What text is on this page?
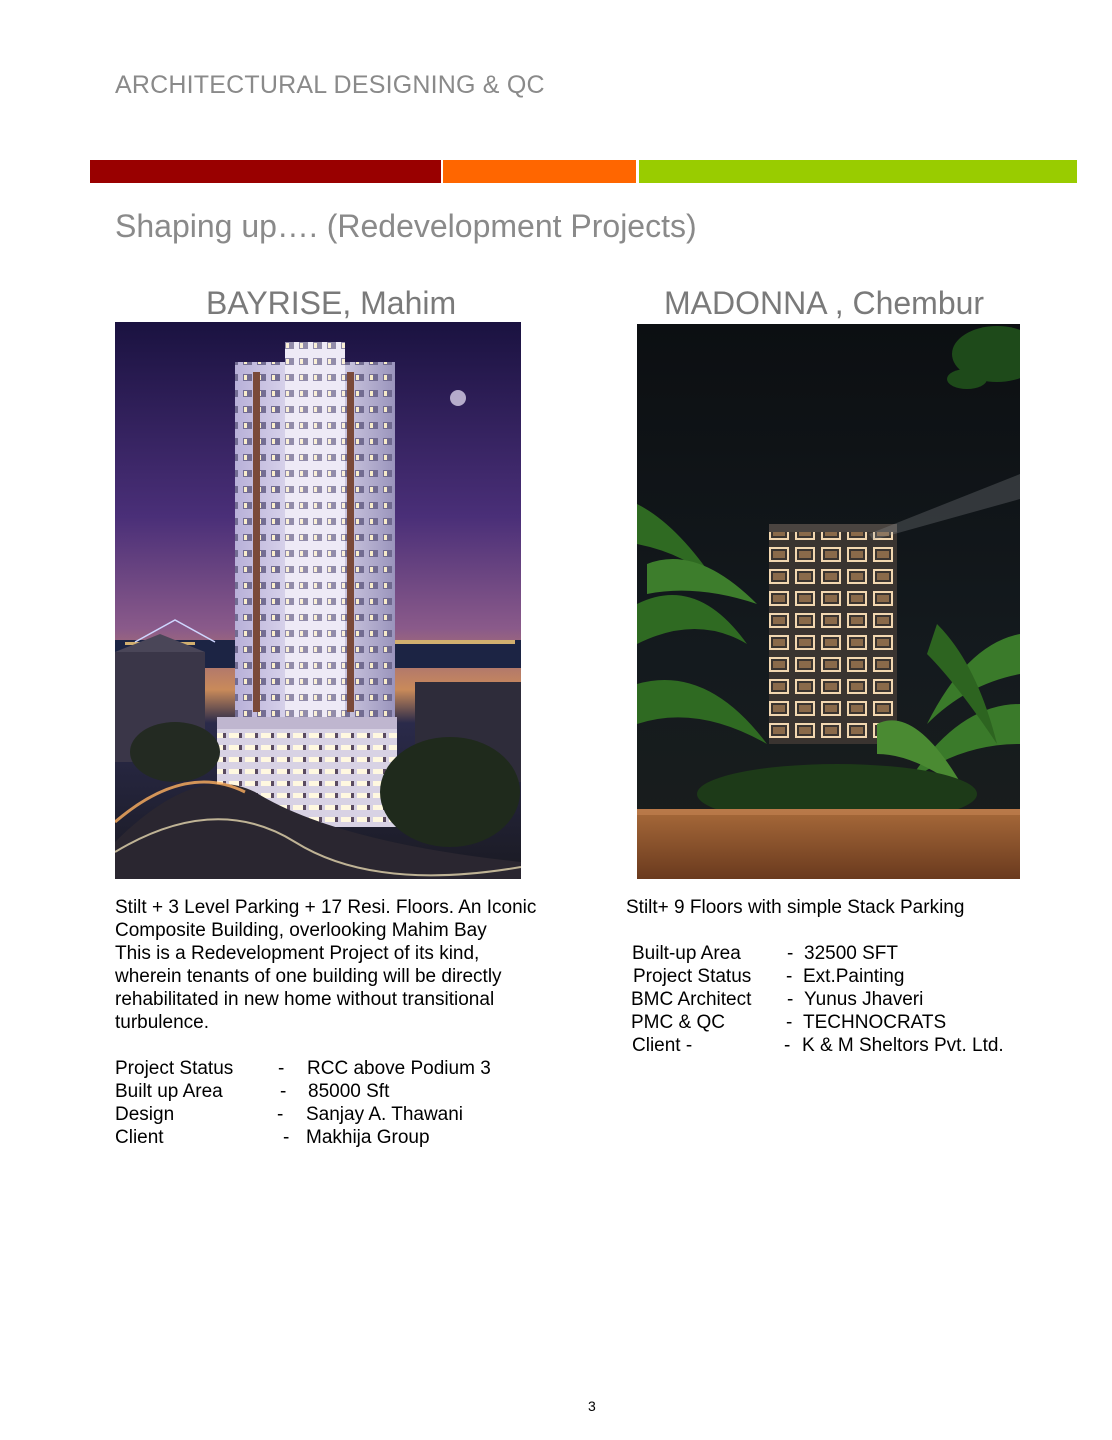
ARCHITECTURAL DESIGNING & QC
Shaping up…. (Redevelopment Projects)
BAYRISE, Mahim	MADONNA , Chembur
Stilt + 3 Level Parking + 17 Resi. Floors. An Iconic
Composite Building, overlooking Mahim Bay
This is a Redevelopment Project of its kind,
wherein tenants of one building will be directly
rehabilitated in new home without transitional
turbulence.
Project Status - RCC above Podium 3
Built up Area	- 85000 Sft
Design	- Sanjay A. Thawani
Client	- Makhija Group
Stilt+ 9 Floors with simple Stack Parking
Built-up Area - 32500 SFT
Project Status - Ext.Painting
BMC Architect - Yunus Jhaveri
PMC & QC	- TECHNOCRATS
Client -	- K & M Sheltors Pvt. Ltd.
3
